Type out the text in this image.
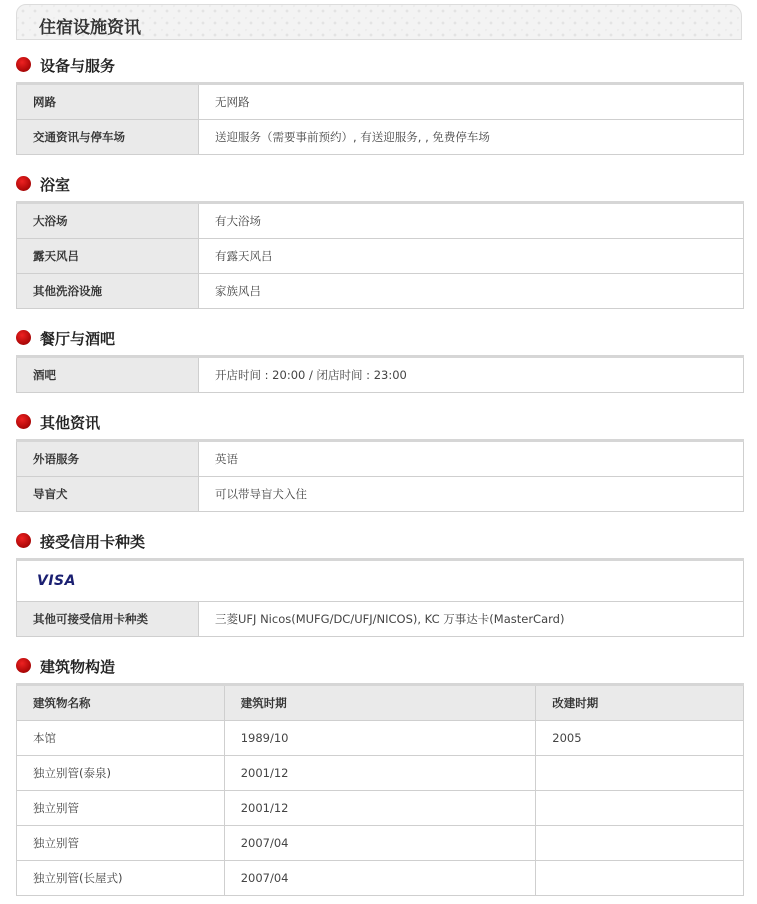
住宿设施资讯
设备与服务
网路	无网路
交通资讯与停车场	送迎服务（需要事前预约）, 有送迎服务, , 免费停车场
浴室
大浴场	有大浴场
露天风吕	有露天风吕
其他洗浴设施	家族风吕
餐厅与酒吧
酒吧	开店时间 : 20:00 / 闭店时间 : 23:00
其他资讯
外语服务	英语
导盲犬	可以带导盲犬入住
接受信用卡种类
VISA
其他可接受信用卡种类	三菱UFJ Nicos(MUFG/DC/UFJ/NICOS), KC 万事达卡(MasterCard)
建筑物构造
建筑物名称	建筑时期	改建时期
本馆	1989/10	2005
独立别管(泰泉)	2001/12	
独立别管	2001/12	
独立别管	2007/04	
独立别管(长屋式)	2007/04	
